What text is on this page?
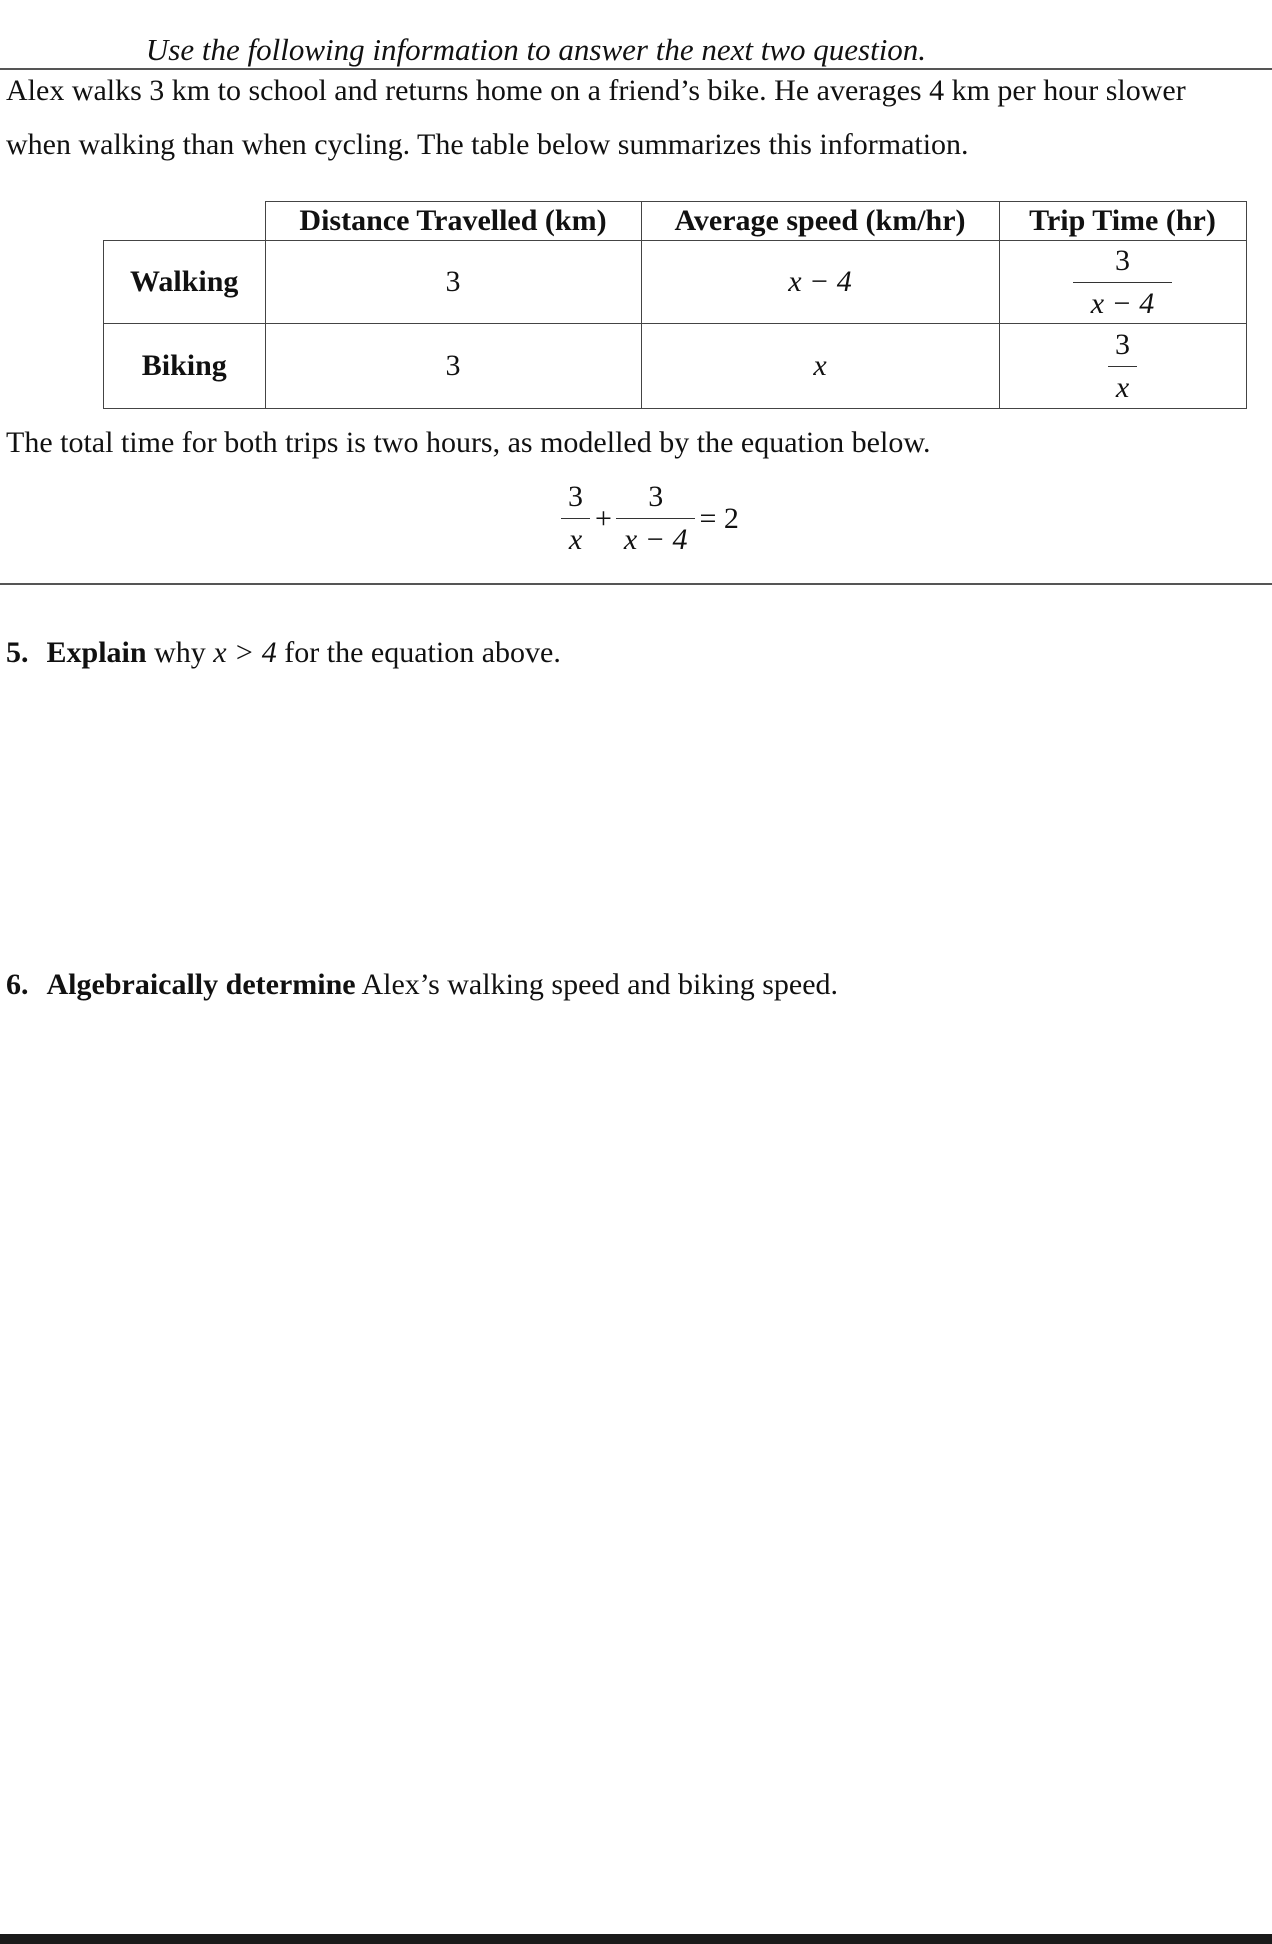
Use the following information to answer the next two question.
Alex walks 3 km to school and returns home on a friend’s bike. He averages 4 km per hour slower
when walking than when cycling. The table below summarizes this information.
	Distance Travelled (km)	Average speed (km/hr)	Trip Time (hr)
Walking	3	x − 4	$\frac{3}{x - 4}$

Biking	3	x	$\frac{3}{x}$
The total time for both trips is two hours, as modelled by the equation below.
$\frac{3}{x} + \frac{3}{x - 4} = 2$
5. Explain why x > 4 for the equation above.
6. Algebraically determine Alex’s walking speed and biking speed.
